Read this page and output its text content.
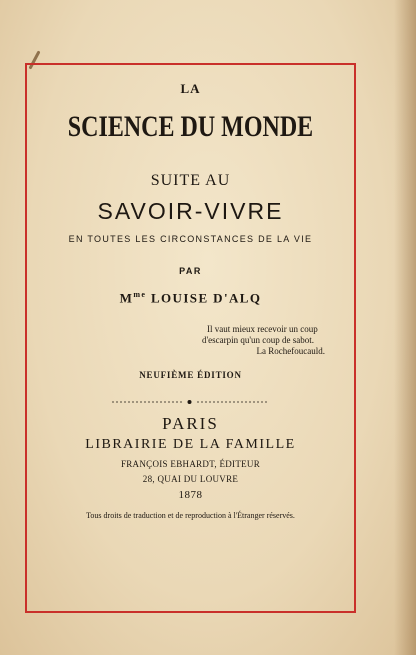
LA

SCIENCE DU MONDE

SUITE AU

SAVOIR-VIVRE

EN TOUTES LES CIRCONSTANCES DE LA VIE

PAR

$M^{me}$ LOUISE D'ALQ

Il vaut mieux recevoir un coup
d'escarpin qu'un coup de sabot.
La Rochefoucauld.

NEUFIÈME ÉDITION

PARIS

LIBRAIRIE DE LA FAMILLE

FRANÇOIS EBHARDT, ÉDITEUR

28, QUAI DU LOUVRE

1878

Tous droits de traduction et de reproduction à l'Étranger réservés.
